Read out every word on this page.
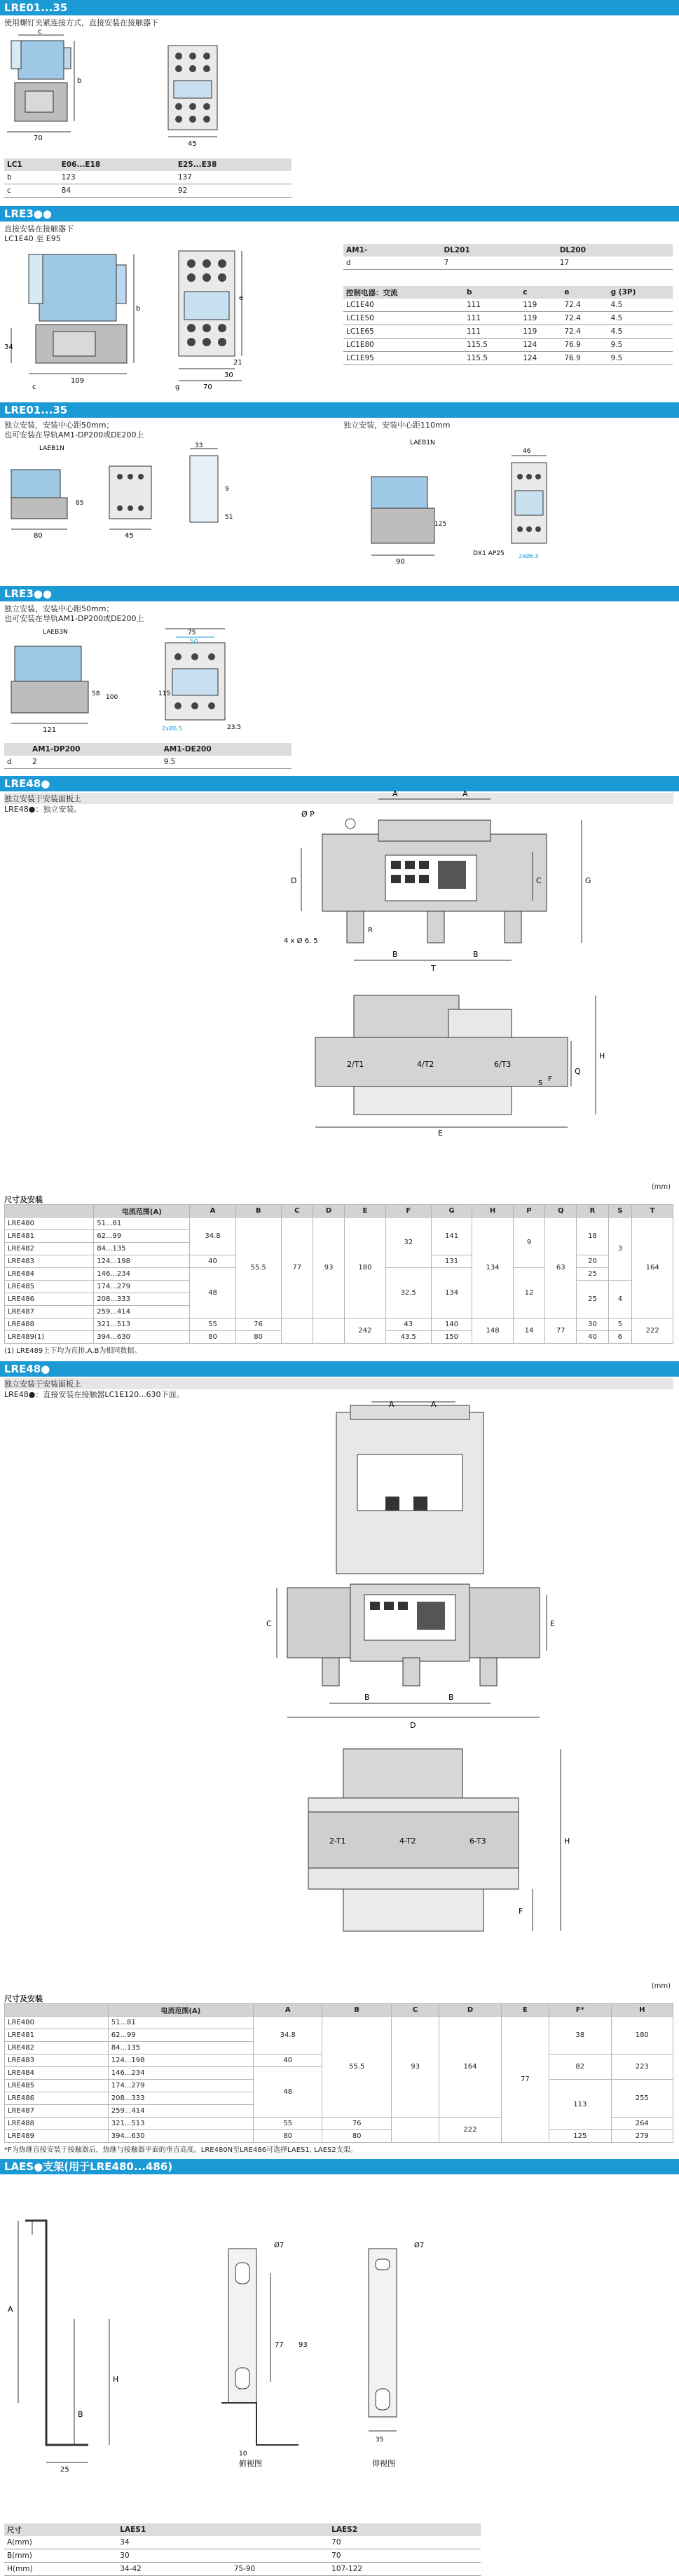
LRE01...35
使用螺钉夹紧连接方式，直接安装在接触器下
c
b
70
45
LC1	E06...E18	E25...E38
b	123	137
c	84	92
LRE3●●
直接安装在接触器下
LC1E40 至 E95
109
34
b
c
e
21
30
70
g
AM1-	DL201	DL200
d	7	17
控制电器：交流	b	c	e	g (3P)
LC1E40	111	119	72.4	4.5
LC1E50	111	119	72.4	4.5
LC1E65	111	119	72.4	4.5
LC1E80	115.5	124	76.9	9.5
LC1E95	115.5	124	76.9	9.5
LRE01...35
独立安装，安装中心距50mm；
也可安装在导轨AM1-DP200或DE200上
独立安装，安装中心距110mm
LAEB1N
80
85
45
33
9
51
LAEB1N
90
125
46
DX1 AP25	2xØ6.5
LRE3●●
独立安装，安装中心距50mm；
也可安装在导轨AM1-DP200或DE200上
LAEB3N
121
58 100
75
50
115
23.5
2xØ6.5
	AM1-DP200	AM1-DE200
d	2	9.5
LRE48●
独立安装于安装面板上
LRE48●：独立安装。
Ø P
A	A
D	C	G
R
B	B
T
4 x Ø 6. 5
2/T1	4/T2	6/T3
H
Q
S
F
E
(mm)
尺寸及安装
	电流范围(A)	A	B	C	D	E	F	G	H	P	Q	R	S	T
LRE480	51...81	34.8	55.5	77	93	180	32	141	134	9	63	18	3	164
LRE481	62...99													
LRE482	84...135													
LRE483	124...198	40						131				20		
LRE484	146...234	48					32.5	134		12		25		
LRE485	174...279											25	4	
LRE486	208...333													
LRE487	259...414													
LRE488	321...513	55	76			242	43	140	148	14	77	30	5	222
LRE489(1)	394...630	80	80				43.5	150				40	6	
(1) LRE489上下均为直排,A,B为相同数据。
LRE48●
独立安装于安装面板上
LRE48●：直接安装在接触器LC1E120...630下面。
A	A
C	E
B	B
D
2-T1	4-T2	6-T3	H
F
(mm)
尺寸及安装
	电流范围(A)	A	B	C	D	E	F*	H
LRE480	51...81	34.8	55.5	93	164	77	38	180
LRE481	62...99							
LRE482	84...135							
LRE483	124...198	40					82	223
LRE484	146...234	48						
LRE485	174...279						113	255
LRE486	208...333							
LRE487	259...414							
LRE488	321...513	55	76		222			264
LRE489	394...630	80	80				125	279
*F为热继直接安装于接触器后，热继与接触器平面的垂直高度。LRE480N至LRE486可选择LAES1, LAES2支架。
LAES●支架(用于LRE480...486)
A
H
25
B
Ø7
77 93
10
俯视图
Ø7
35
仰视图
尺寸	LAES1		LAES2	
A(mm)	34		70	
B(mm)	30		70	
H(mm)	34-42	75-90	107-122	
